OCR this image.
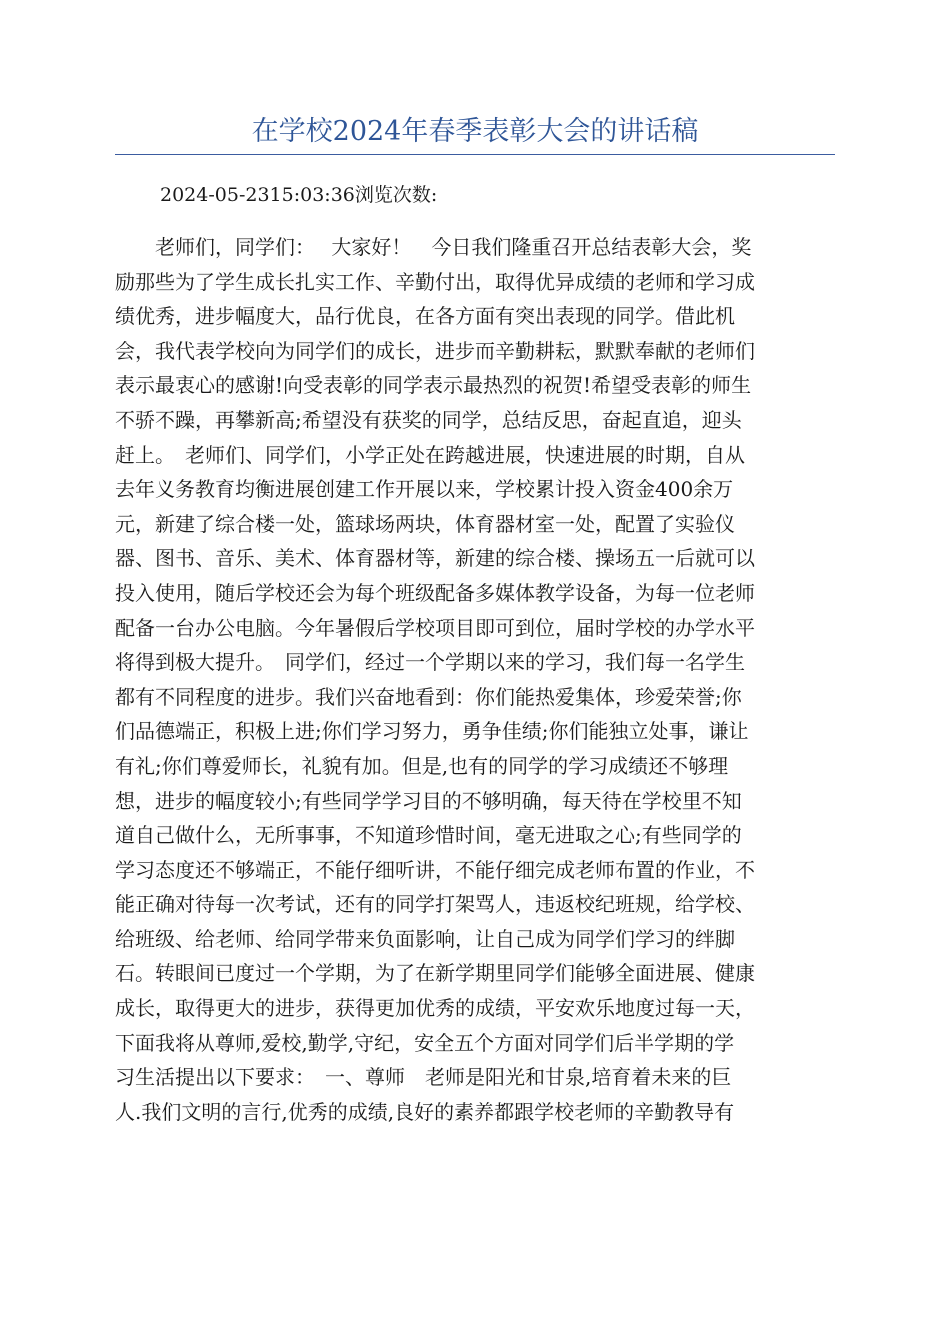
在学校2024年春季表彰大会的讲话稿

2024-05-2315:03:36浏览次数:

　　老师们，同学们：　 大家好！　今日我们隆重召开总结表彰大会，奖
励那些为了学生成长扎实工作、辛勤付出，取得优异成绩的老师和学习成
绩优秀，进步幅度大，品行优良，在各方面有突出表现的同学。借此机
会，我代表学校向为同学们的成长，进步而辛勤耕耘，默默奉献的老师们
表示最衷心的感谢!向受表彰的同学表示最热烈的祝贺!希望受表彰的师生
不骄不躁，再攀新高;希望没有获奖的同学，总结反思，奋起直追，迎头
赶上。　老师们、同学们，小学正处在跨越进展，快速进展的时期，自从
去年义务教育均衡进展创建工作开展以来，学校累计投入资金400余万
元，新建了综合楼一处，篮球场两块，体育器材室一处，配置了实验仪
器、图书、音乐、美术、体育器材等，新建的综合楼、操场五一后就可以
投入使用，随后学校还会为每个班级配备多媒体教学设备，为每一位老师
配备一台办公电脑。今年暑假后学校项目即可到位，届时学校的办学水平
将得到极大提升。　同学们，经过一个学期以来的学习，我们每一名学生
都有不同程度的进步。我们兴奋地看到：你们能热爱集体，珍爱荣誉;你
们品德端正，积极上进;你们学习努力，勇争佳绩;你们能独立处事，谦让
有礼;你们尊爱师长，礼貌有加。但是,也有的同学的学习成绩还不够理
想，进步的幅度较小;有些同学学习目的不够明确，每天待在学校里不知
道自己做什么，无所事事，不知道珍惜时间，毫无进取之心;有些同学的
学习态度还不够端正，不能仔细听讲，不能仔细完成老师布置的作业，不
能正确对待每一次考试，还有的同学打架骂人，违返校纪班规，给学校、
给班级、给老师、给同学带来负面影响，让自己成为同学们学习的绊脚
石。转眼间已度过一个学期，为了在新学期里同学们能够全面进展、健康
成长，取得更大的进步，获得更加优秀的成绩，平安欢乐地度过每一天，
下面我将从尊师,爱校,勤学,守纪，安全五个方面对同学们后半学期的学
习生活提出以下要求：　一、尊师　老师是阳光和甘泉,培育着未来的巨
人.我们文明的言行,优秀的成绩,良好的素养都跟学校老师的辛勤教导有
